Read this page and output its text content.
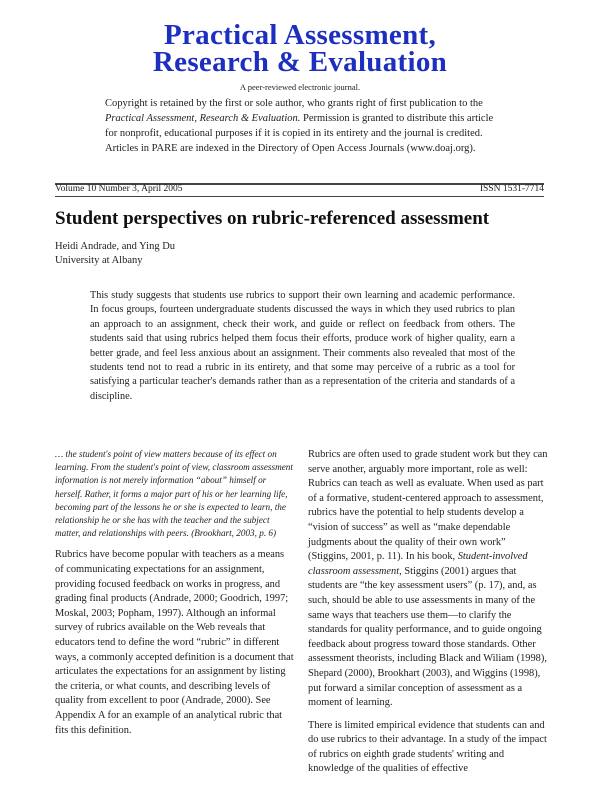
Practical Assessment,
Research & Evaluation
A peer-reviewed electronic journal.
Copyright is retained by the first or sole author, who grants right of first publication to the Practical Assessment, Research & Evaluation. Permission is granted to distribute this article for nonprofit, educational purposes if it is copied in its entirety and the journal is credited. Articles in PARE are indexed in the Directory of Open Access Journals (www.doaj.org).
Volume 10 Number 3, April 2005	ISSN 1531-7714
Student perspectives on rubric-referenced assessment
Heidi Andrade, and Ying Du
University at Albany
This study suggests that students use rubrics to support their own learning and academic performance. In focus groups, fourteen undergraduate students discussed the ways in which they used rubrics to plan an approach to an assignment, check their work, and guide or reflect on feedback from others. The students said that using rubrics helped them focus their efforts, produce work of higher quality, earn a better grade, and feel less anxious about an assignment. Their comments also revealed that most of the students tend not to read a rubric in its entirety, and that some may perceive of a rubric as a tool for satisfying a particular teacher's demands rather than as a representation of the criteria and standards of a discipline.

… the student's point of view matters because of its effect on learning. From the student's point of view, classroom assessment information is not merely information “about” himself or herself. Rather, it forms a major part of his or her learning life, becoming part of the lessons he or she is expected to learn, the relationship he or she has with the teacher and the subject matter, and relationships with peers. (Brookhart, 2003, p. 6)

Rubrics have become popular with teachers as a means of communicating expectations for an assignment, providing focused feedback on works in progress, and grading final products (Andrade, 2000; Goodrich, 1997; Moskal, 2003; Popham, 1997). Although an informal survey of rubrics available on the Web reveals that educators tend to define the word “rubric” in different ways, a commonly accepted definition is a document that articulates the expectations for an assignment by listing the criteria, or what counts, and describing levels of quality from excellent to poor (Andrade, 2000). See Appendix A for an example of an analytical rubric that fits this definition.

Rubrics are often used to grade student work but they can serve another, arguably more important, role as well: Rubrics can teach as well as evaluate. When used as part of a formative, student-centered approach to assessment, rubrics have the potential to help students develop a “vision of success” as well as “make dependable judgments about the quality of their own work” (Stiggins, 2001, p. 11). In his book, Student-involved classroom assessment, Stiggins (2001) argues that students are “the key assessment users” (p. 17), and, as such, should be able to use assessments in many of the same ways that teachers use them—to clarify the standards for quality performance, and to guide ongoing feedback about progress toward those standards. Other assessment theorists, including Black and Wiliam (1998), Shepard (2000), Brookhart (2003), and Wiggins (1998), put forward a similar conception of assessment as a moment of learning.

There is limited empirical evidence that students can and do use rubrics to their advantage. In a study of the impact of rubrics on eighth grade students' writing and knowledge of the qualities of effective
